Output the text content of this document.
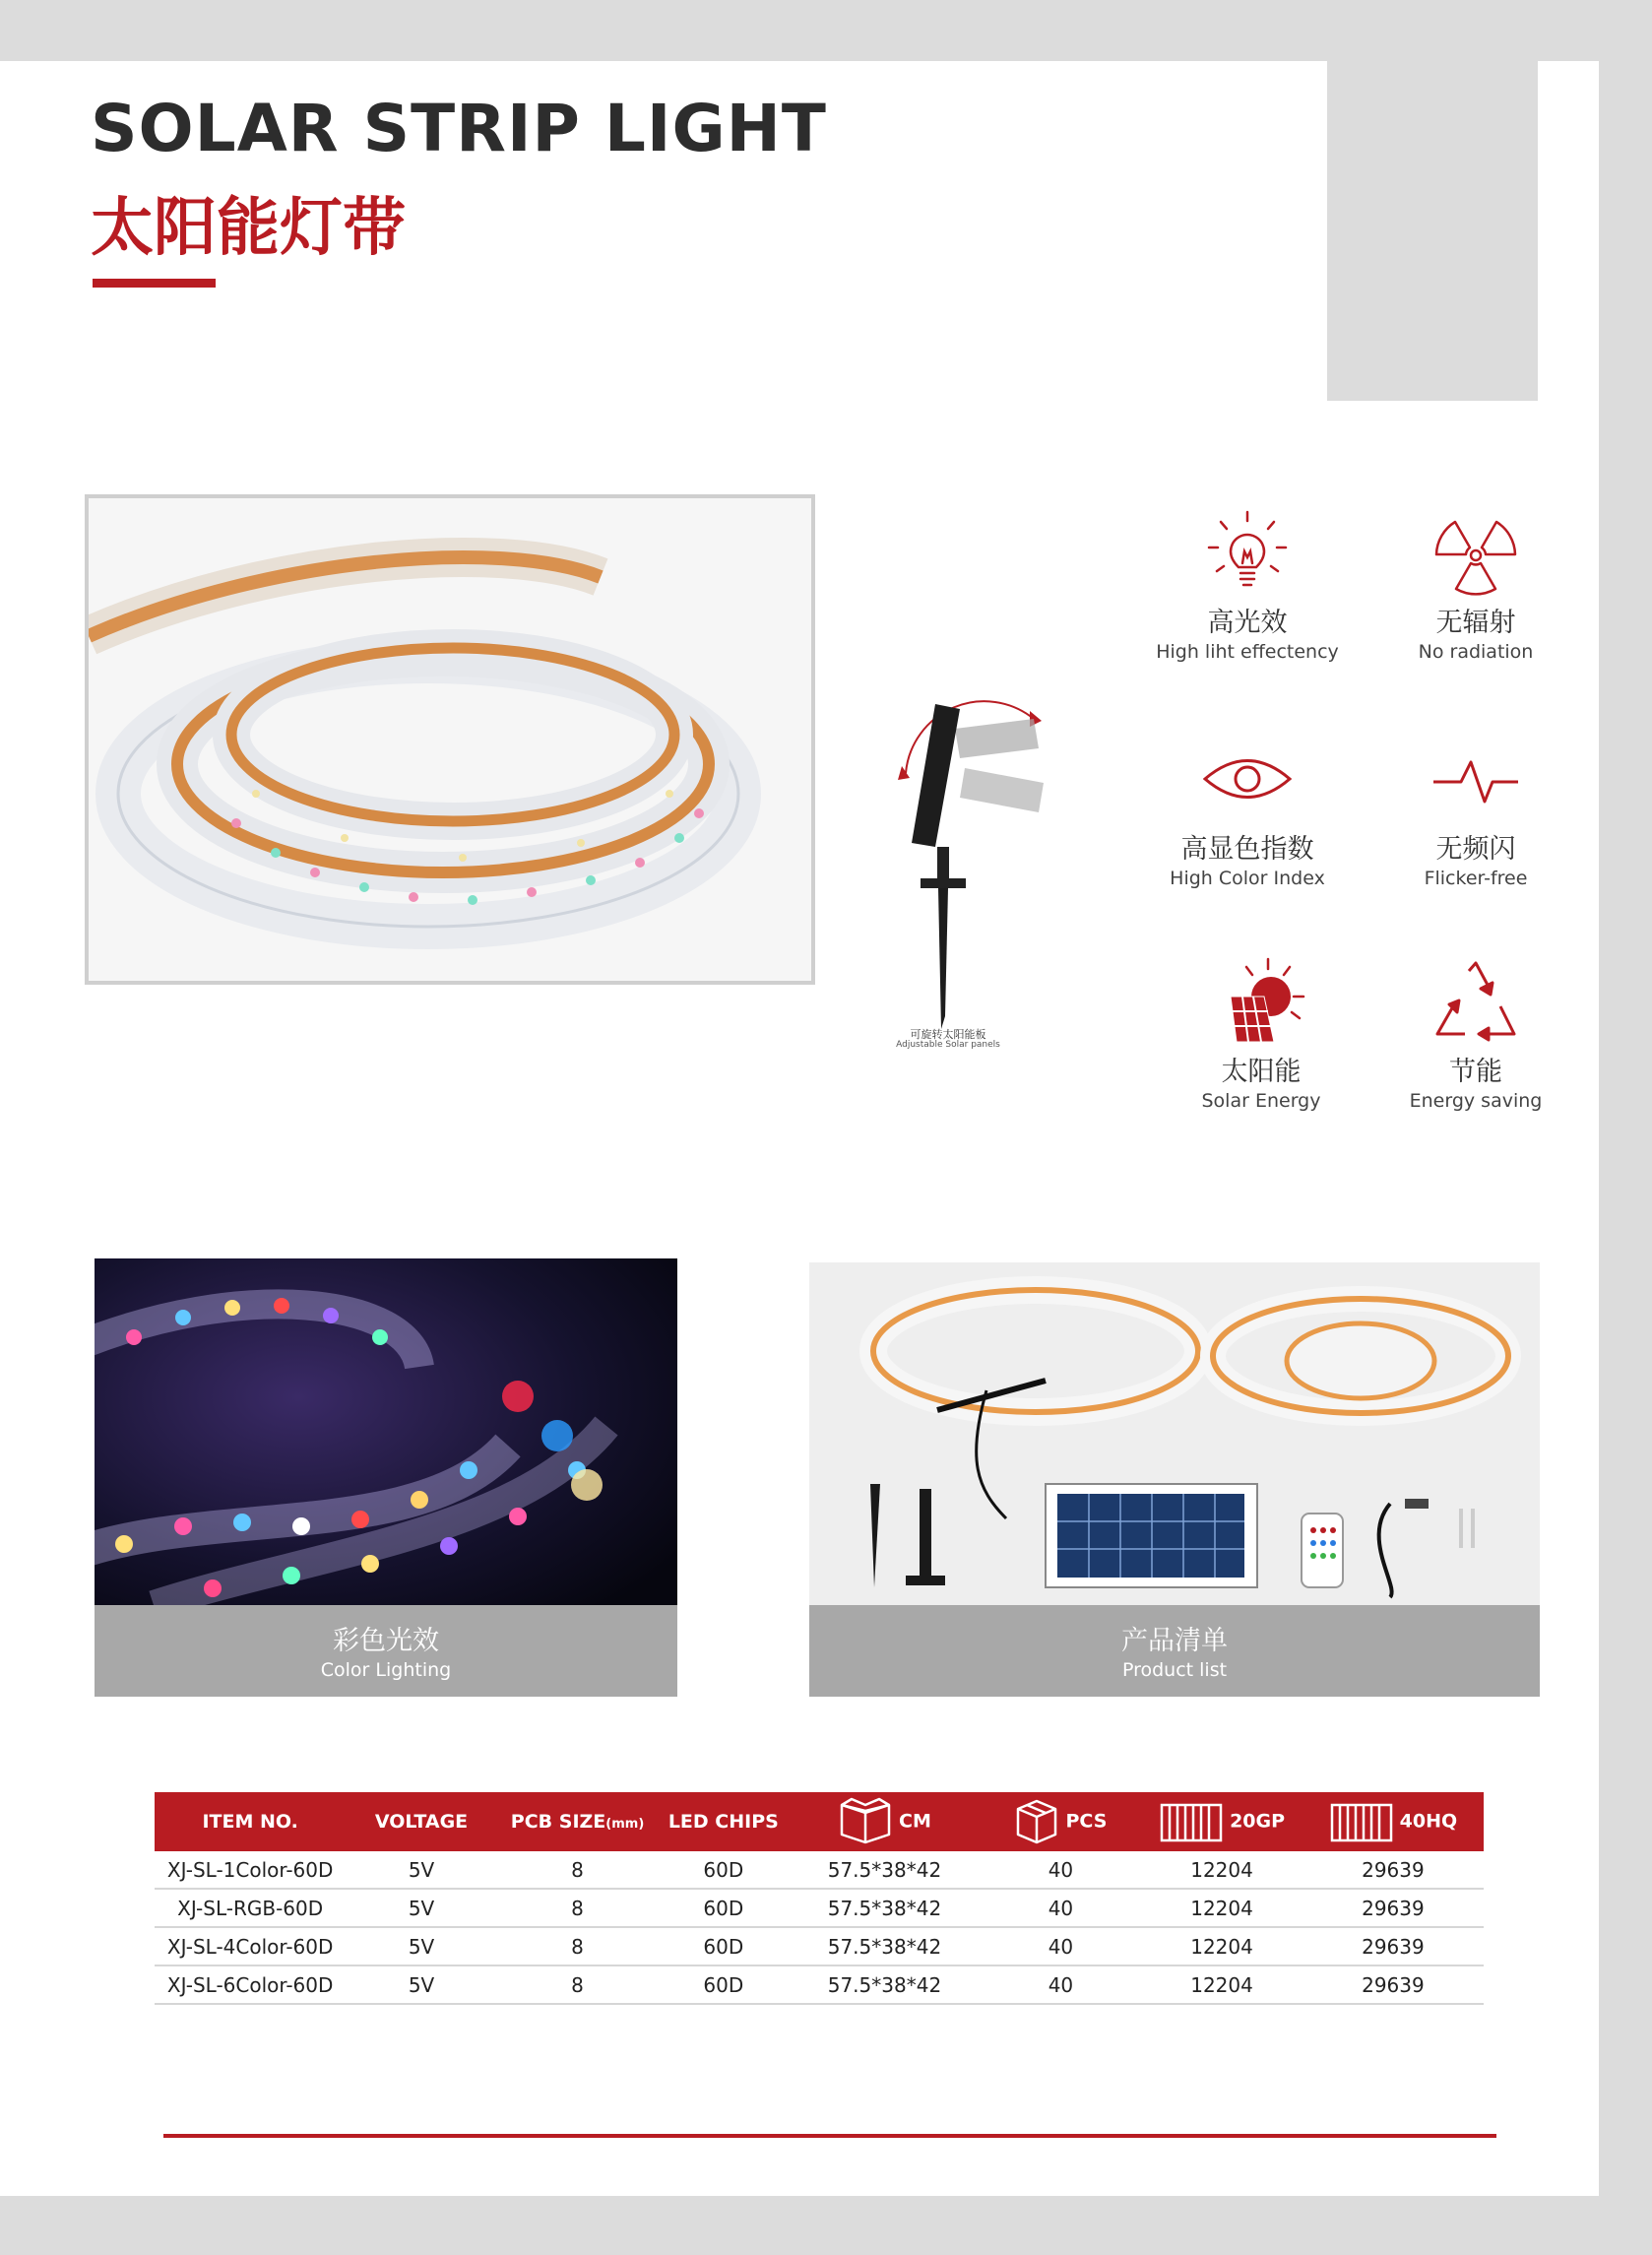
SOLAR STRIP LIGHT
太阳能灯带
可旋转太阳能板
Adjustable Solar panels
高光效
High liht effectency
无辐射
No radiation
高显色指数
High Color Index
无频闪
Flicker-free
太阳能
Solar Energy
节能
Energy saving
彩色光效
Color Lighting
产品清单
Product list
ITEM NO.	VOLTAGE	PCB SIZE(mm)	LED CHIPS	CM	PCS	20GP	40HQ
XJ-SL-1Color-60D	5V	8	60D	57.5*38*42	40	12204	29639
XJ-SL-RGB-60D	5V	8	60D	57.5*38*42	40	12204	29639
XJ-SL-4Color-60D	5V	8	60D	57.5*38*42	40	12204	29639
XJ-SL-6Color-60D	5V	8	60D	57.5*38*42	40	12204	29639
